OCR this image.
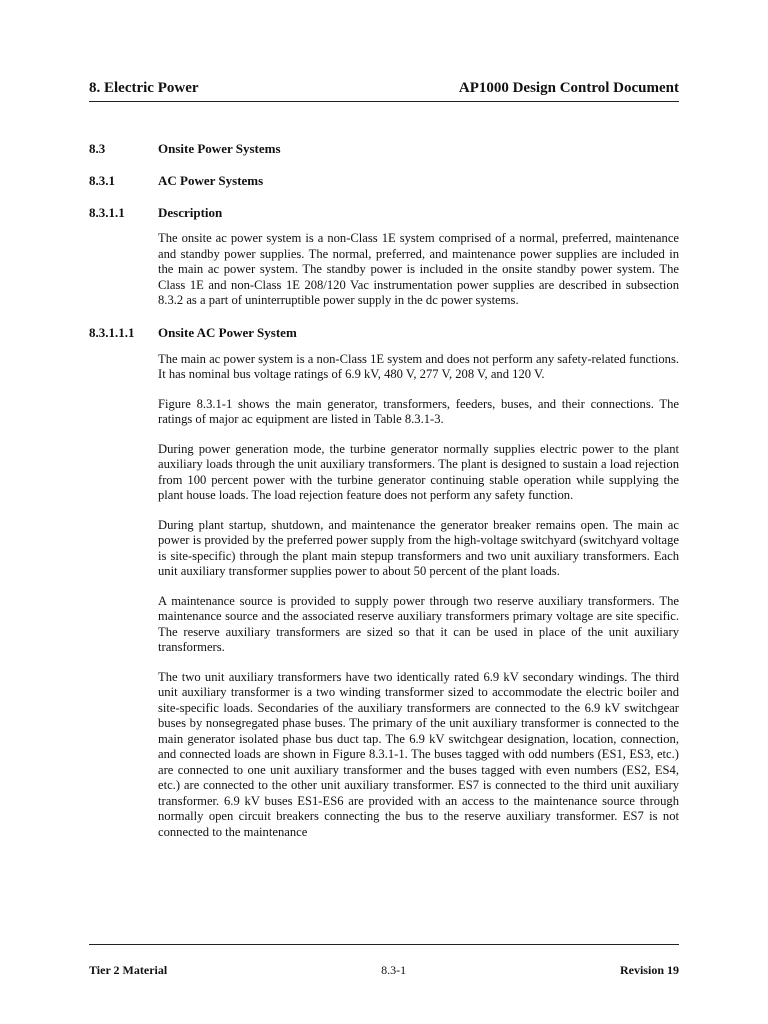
8. Electric Power	AP1000 Design Control Document
8.3	Onsite Power Systems
8.3.1	AC Power Systems
8.3.1.1	Description

The onsite ac power system is a non-Class 1E system comprised of a normal, preferred, maintenance and standby power supplies. The normal, preferred, and maintenance power supplies are included in the main ac power system. The standby power is included in the onsite standby power system. The Class 1E and non-Class 1E 208/120 Vac instrumentation power supplies are described in subsection 8.3.2 as a part of uninterruptible power supply in the dc power systems.

8.3.1.1.1	Onsite AC Power System

The main ac power system is a non-Class 1E system and does not perform any safety-related functions. It has nominal bus voltage ratings of 6.9 kV, 480 V, 277 V, 208 V, and 120 V.

Figure 8.3.1-1 shows the main generator, transformers, feeders, buses, and their connections. The ratings of major ac equipment are listed in Table 8.3.1-3.

During power generation mode, the turbine generator normally supplies electric power to the plant auxiliary loads through the unit auxiliary transformers. The plant is designed to sustain a load rejection from 100 percent power with the turbine generator continuing stable operation while supplying the plant house loads. The load rejection feature does not perform any safety function.

During plant startup, shutdown, and maintenance the generator breaker remains open. The main ac power is provided by the preferred power supply from the high-voltage switchyard (switchyard voltage is site-specific) through the plant main stepup transformers and two unit auxiliary transformers. Each unit auxiliary transformer supplies power to about 50 percent of the plant loads.

A maintenance source is provided to supply power through two reserve auxiliary transformers. The maintenance source and the associated reserve auxiliary transformers primary voltage are site specific. The reserve auxiliary transformers are sized so that it can be used in place of the unit auxiliary transformers.

The two unit auxiliary transformers have two identically rated 6.9 kV secondary windings. The third unit auxiliary transformer is a two winding transformer sized to accommodate the electric boiler and site-specific loads. Secondaries of the auxiliary transformers are connected to the 6.9 kV switchgear buses by nonsegregated phase buses. The primary of the unit auxiliary transformer is connected to the main generator isolated phase bus duct tap. The 6.9 kV switchgear designation, location, connection, and connected loads are shown in Figure 8.3.1-1. The buses tagged with odd numbers (ES1, ES3, etc.) are connected to one unit auxiliary transformer and the buses tagged with even numbers (ES2, ES4, etc.) are connected to the other unit auxiliary transformer. ES7 is connected to the third unit auxiliary transformer. 6.9 kV buses ES1-ES6 are provided with an access to the maintenance source through normally open circuit breakers connecting the bus to the reserve auxiliary transformer. ES7 is not connected to the maintenance

Tier 2 Material	8.3-1	Revision 19
